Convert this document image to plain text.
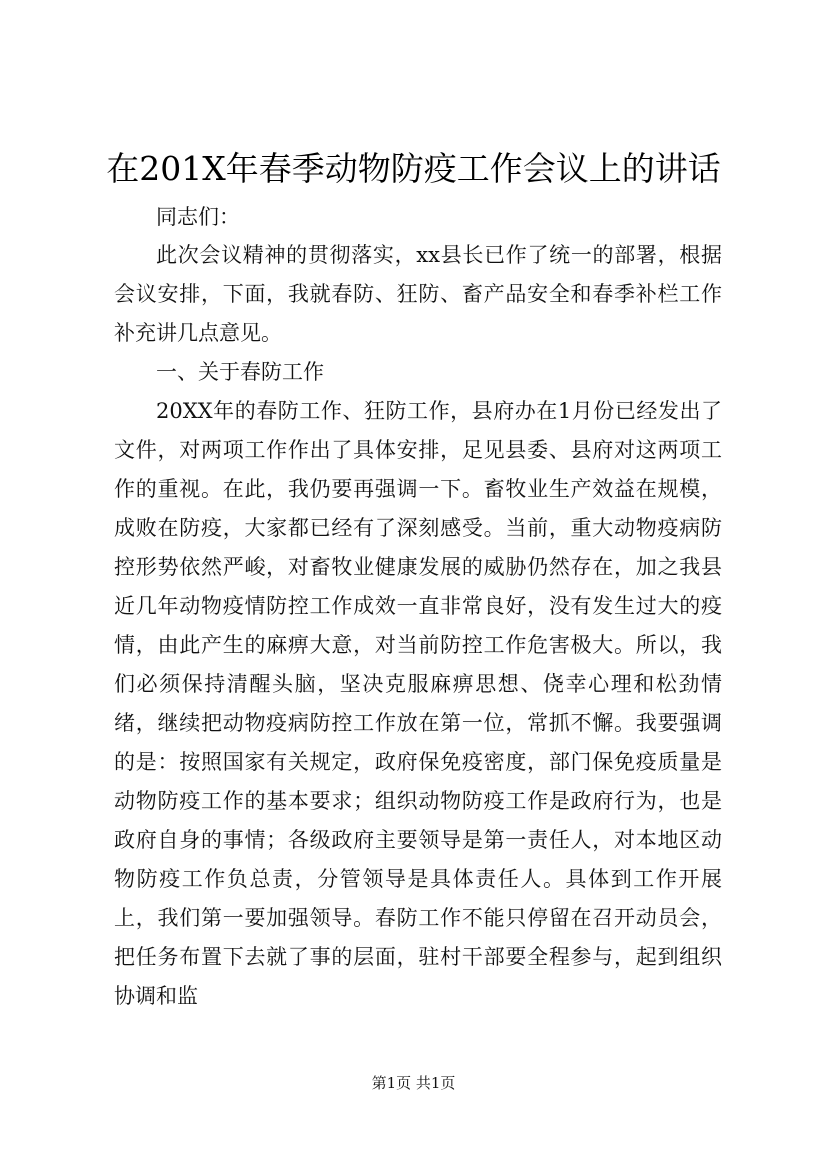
在201X年春季动物防疫工作会议上的讲话

同志们：

此次会议精神的贯彻落实，xx县长已作了统一的部署，根据会议安排，下面，我就春防、狂防、畜产品安全和春季补栏工作补充讲几点意见。

一、关于春防工作

20XX年的春防工作、狂防工作，县府办在1月份已经发出了文件，对两项工作作出了具体安排，足见县委、县府对这两项工作的重视。在此，我仍要再强调一下。畜牧业生产效益在规模，成败在防疫，大家都已经有了深刻感受。当前，重大动物疫病防控形势依然严峻，对畜牧业健康发展的威胁仍然存在，加之我县近几年动物疫情防控工作成效一直非常良好，没有发生过大的疫情，由此产生的麻痹大意，对当前防控工作危害极大。所以，我们必须保持清醒头脑，坚决克服麻痹思想、侥幸心理和松劲情绪，继续把动物疫病防控工作放在第一位，常抓不懈。我要强调的是：按照国家有关规定，政府保免疫密度，部门保免疫质量是动物防疫工作的基本要求；组织动物防疫工作是政府行为，也是政府自身的事情；各级政府主要领导是第一责任人，对本地区动物防疫工作负总责，分管领导是具体责任人。具体到工作开展上，我们第一要加强领导。春防工作不能只停留在召开动员会，把任务布置下去就了事的层面，驻村干部要全程参与，起到组织协调和监

第1页 共1页
